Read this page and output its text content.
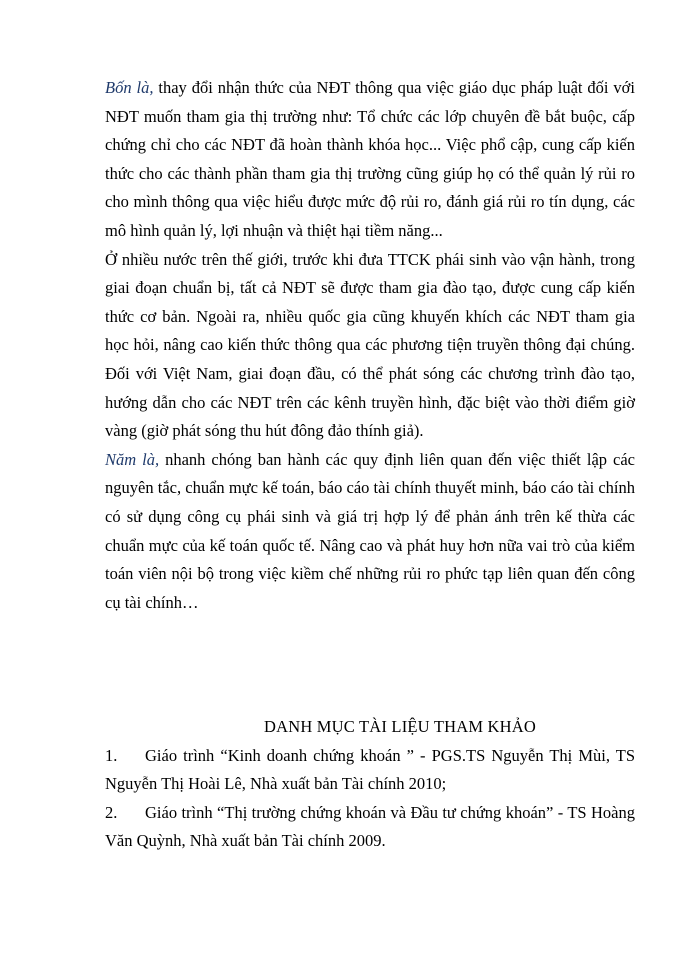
Bốn là, thay đổi nhận thức của NĐT thông qua việc giáo dục pháp luật đối với NĐT muốn tham gia thị trường như: Tổ chức các lớp chuyên đề bắt buộc, cấp chứng chỉ cho các NĐT đã hoàn thành khóa học... Việc phổ cập, cung cấp kiến thức cho các thành phần tham gia thị trường cũng giúp họ có thể quản lý rủi ro cho mình thông qua việc hiểu được mức độ rủi ro, đánh giá rủi ro tín dụng, các mô hình quản lý, lợi nhuận và thiệt hại tiềm năng...

Ở nhiều nước trên thế giới, trước khi đưa TTCK phái sinh vào vận hành, trong giai đoạn chuẩn bị, tất cả NĐT sẽ được tham gia đào tạo, được cung cấp kiến thức cơ bản. Ngoài ra, nhiều quốc gia cũng khuyến khích các NĐT tham gia học hỏi, nâng cao kiến thức thông qua các phương tiện truyền thông đại chúng. Đối với Việt Nam, giai đoạn đầu, có thể phát sóng các chương trình đào tạo, hướng dẫn cho các NĐT trên các kênh truyền hình, đặc biệt vào thời điểm giờ vàng (giờ phát sóng thu hút đông đảo thính giả).

Năm là, nhanh chóng ban hành các quy định liên quan đến việc thiết lập các nguyên tắc, chuẩn mực kế toán, báo cáo tài chính thuyết minh, báo cáo tài chính có sử dụng công cụ phái sinh và giá trị hợp lý để phản ánh trên kế thừa các chuẩn mực của kế toán quốc tế. Nâng cao và phát huy hơn nữa vai trò của kiểm toán viên nội bộ trong việc kiềm chế những rủi ro phức tạp liên quan đến công cụ tài chính…

DANH MỤC TÀI LIỆU THAM KHẢO

1. Giáo trình “Kinh doanh chứng khoán ” - PGS.TS Nguyễn Thị Mùi, TS Nguyễn Thị Hoài Lê, Nhà xuất bản Tài chính 2010;

2. Giáo trình “Thị trường chứng khoán và Đầu tư chứng khoán” - TS Hoàng Văn Quỳnh, Nhà xuất bản Tài chính 2009.
